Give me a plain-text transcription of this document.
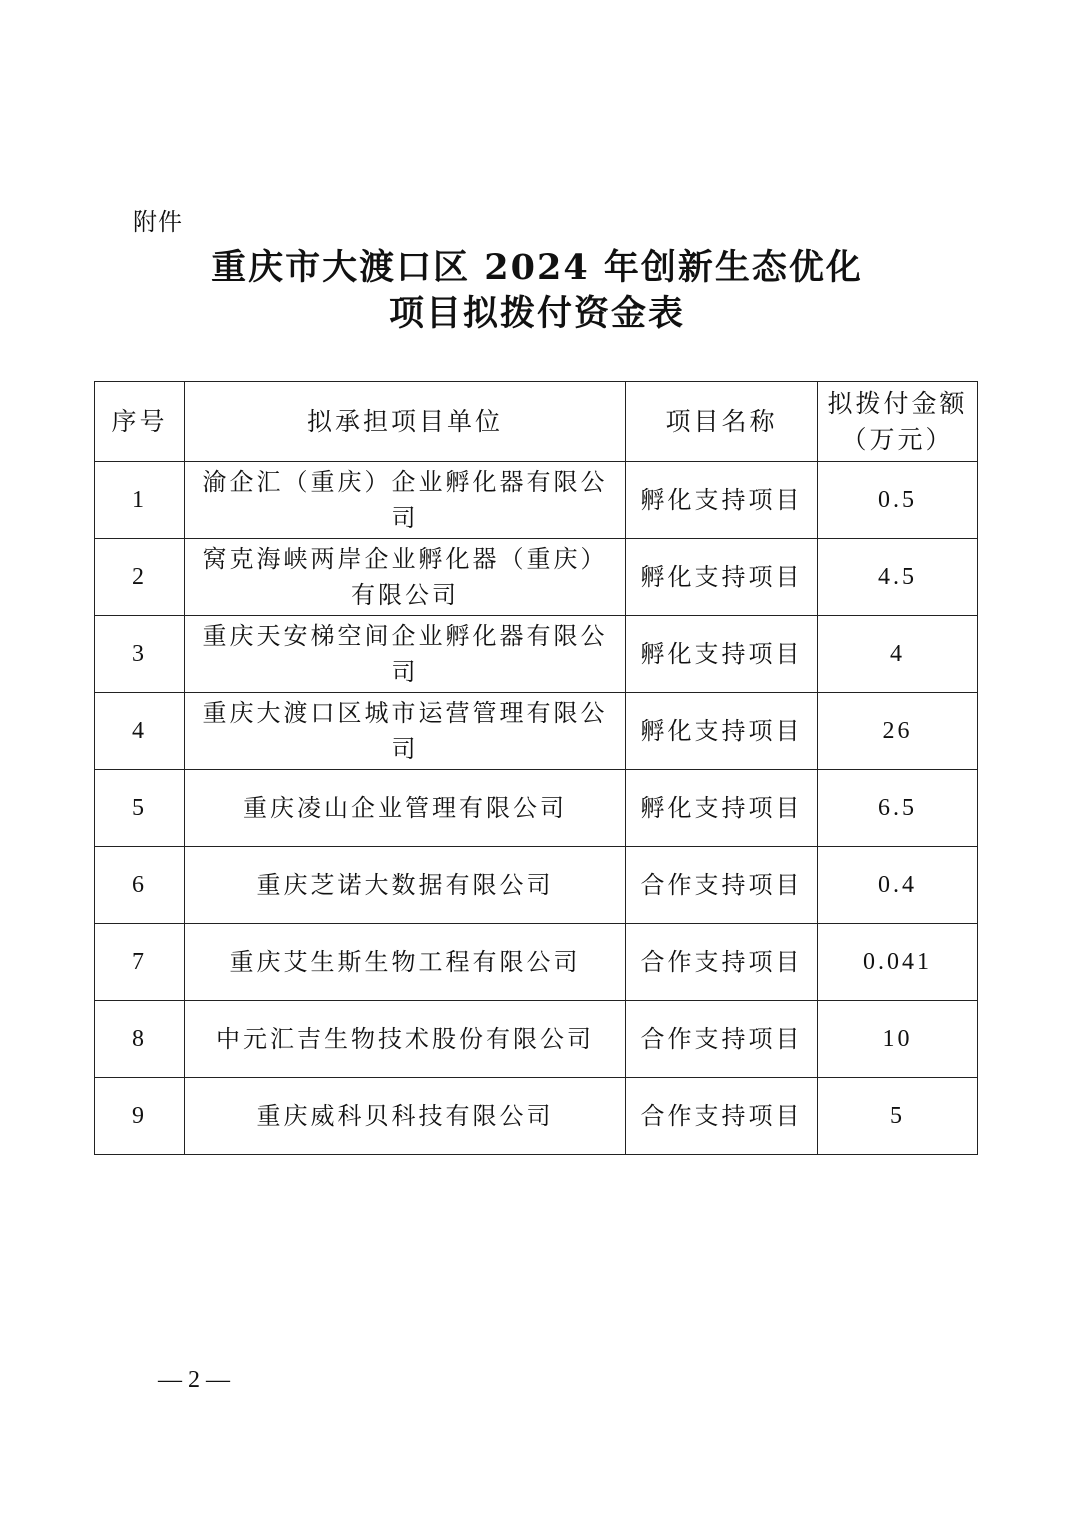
附件
重庆市大渡口区 2024 年创新生态优化
项目拟拨付资金表
序号	拟承担项目单位	项目名称	拟拨付金额（万元）
1	渝企汇（重庆）企业孵化器有限公司	孵化支持项目	0.5
2	窝克海峡两岸企业孵化器（重庆）有限公司	孵化支持项目	4.5
3	重庆天安梯空间企业孵化器有限公司	孵化支持项目	4
4	重庆大渡口区城市运营管理有限公司	孵化支持项目	26
5	重庆凌山企业管理有限公司	孵化支持项目	6.5
6	重庆芝诺大数据有限公司	合作支持项目	0.4
7	重庆艾生斯生物工程有限公司	合作支持项目	0.041
8	中元汇吉生物技术股份有限公司	合作支持项目	10
9	重庆威科贝科技有限公司	合作支持项目	5
— 2 —
